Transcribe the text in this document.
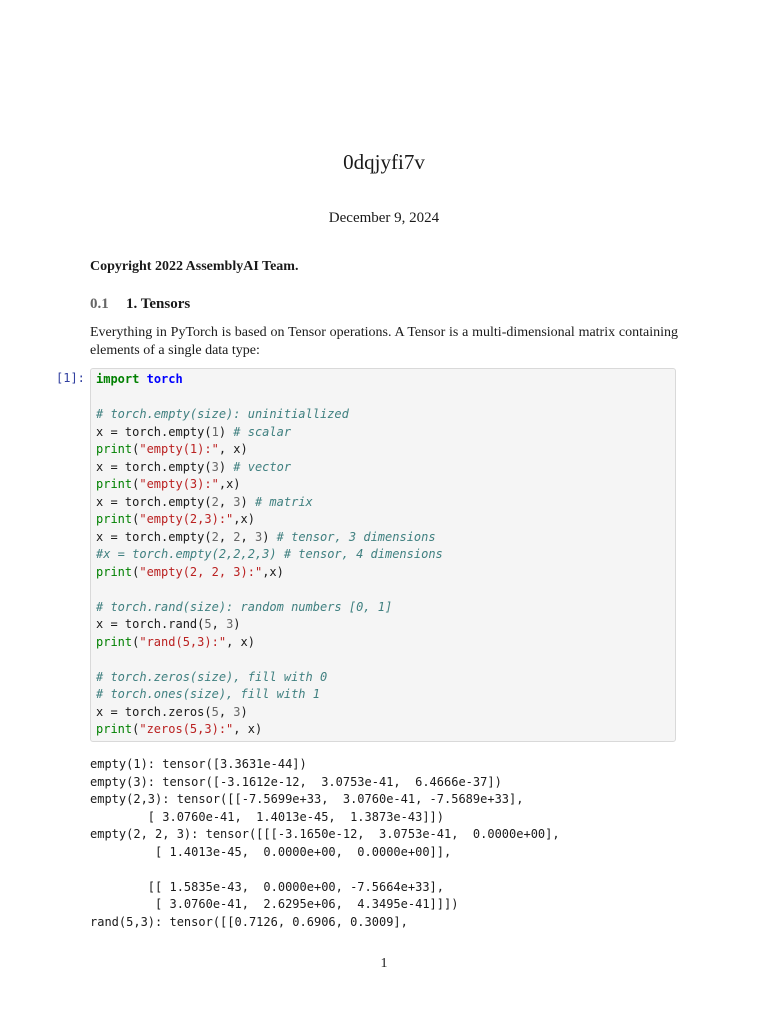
0dqjyfi7v
December 9, 2024
Copyright 2022 AssemblyAI Team.
0.1 1. Tensors
Everything in PyTorch is based on Tensor operations. A Tensor is a multi-dimensional matrix containing elements of a single data type:
[1]: import torch
# torch.empty(size): uninitiallized
x = torch.empty(1) # scalar
print("empty(1):", x)
x = torch.empty(3) # vector
print("empty(3):",x)
x = torch.empty(2, 3) # matrix
print("empty(2,3):",x)
x = torch.empty(2, 2, 3) # tensor, 3 dimensions
#x = torch.empty(2,2,2,3) # tensor, 4 dimensions
print("empty(2, 2, 3):",x)
# torch.rand(size): random numbers [0, 1]
x = torch.rand(5, 3)
print("rand(5,3):", x)
# torch.zeros(size), fill with 0
# torch.ones(size), fill with 1
x = torch.zeros(5, 3)
print("zeros(5,3):", x)
empty(1): tensor([3.3631e-44])
empty(3): tensor([-3.1612e-12,  3.0753e-41,  6.4666e-37])
empty(2,3): tensor([[-7.5699e+33,  3.0760e-41, -7.5689e+33],
[ 3.0760e-41,  1.4013e-45,  1.3873e-43]])
empty(2, 2, 3): tensor([[[-3.1650e-12,  3.0753e-41,  0.0000e+00],
[ 1.4013e-45,  0.0000e+00,  0.0000e+00]],
[[ 1.5835e-43,  0.0000e+00, -7.5664e+33],
[ 3.0760e-41,  2.6295e+06,  4.3495e-41]]])
rand(5,3): tensor([[0.7126, 0.6906, 0.3009],
1
